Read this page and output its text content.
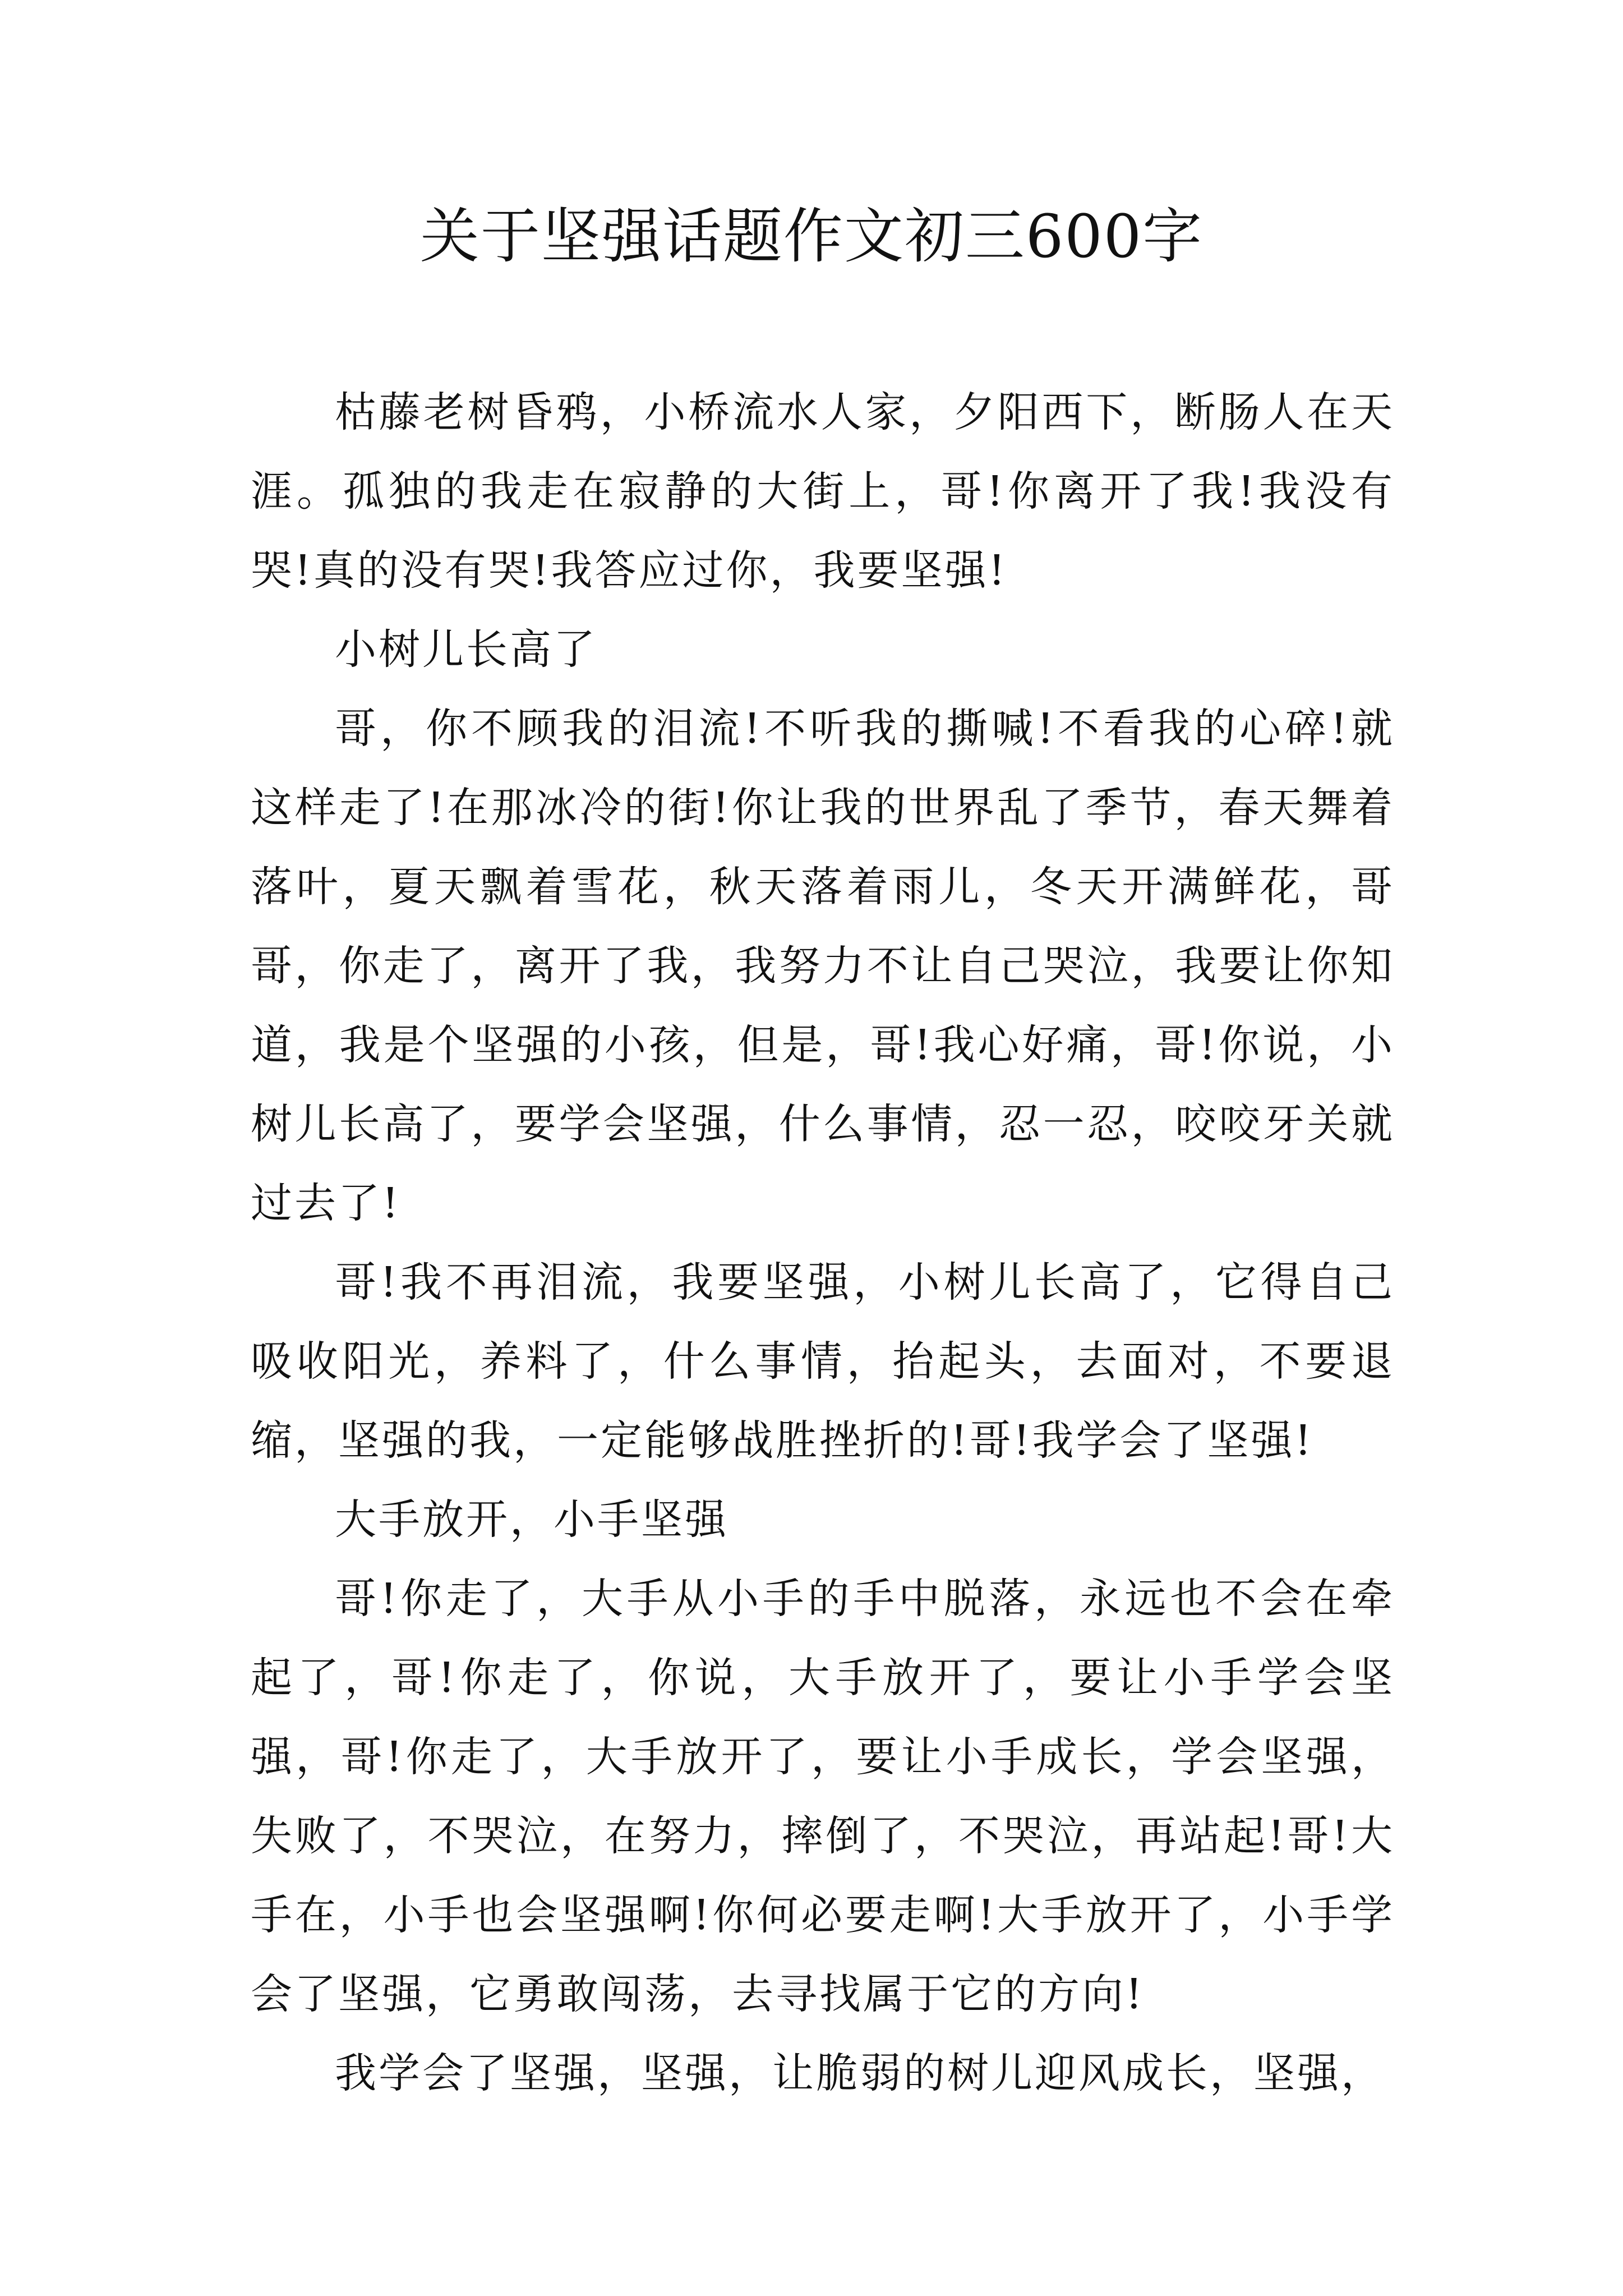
关于坚强话题作文初三600字

枯藤老树昏鸦，小桥流水人家，夕阳西下，断肠人在天涯。孤独的我走在寂静的大街上，哥!你离开了我!我没有哭!真的没有哭!我答应过你，我要坚强!

小树儿长高了

哥，你不顾我的泪流!不听我的撕喊!不看我的心碎!就这样走了!在那冰冷的街!你让我的世界乱了季节，春天舞着落叶，夏天飘着雪花，秋天落着雨儿，冬天开满鲜花，哥哥，你走了，离开了我，我努力不让自己哭泣，我要让你知道，我是个坚强的小孩，但是，哥!我心好痛，哥!你说，小树儿长高了，要学会坚强，什么事情，忍一忍，咬咬牙关就过去了!

哥!我不再泪流，我要坚强，小树儿长高了，它得自己吸收阳光，养料了，什么事情，抬起头，去面对，不要退缩，坚强的我，一定能够战胜挫折的!哥!我学会了坚强!

大手放开，小手坚强

哥!你走了，大手从小手的手中脱落，永远也不会在牵起了，哥!你走了，你说，大手放开了，要让小手学会坚强，哥!你走了，大手放开了，要让小手成长，学会坚强，失败了，不哭泣，在努力，摔倒了，不哭泣，再站起!哥!大手在，小手也会坚强啊!你何必要走啊!大手放开了，小手学会了坚强，它勇敢闯荡，去寻找属于它的方向!

我学会了坚强，坚强，让脆弱的树儿迎风成长，坚强，
